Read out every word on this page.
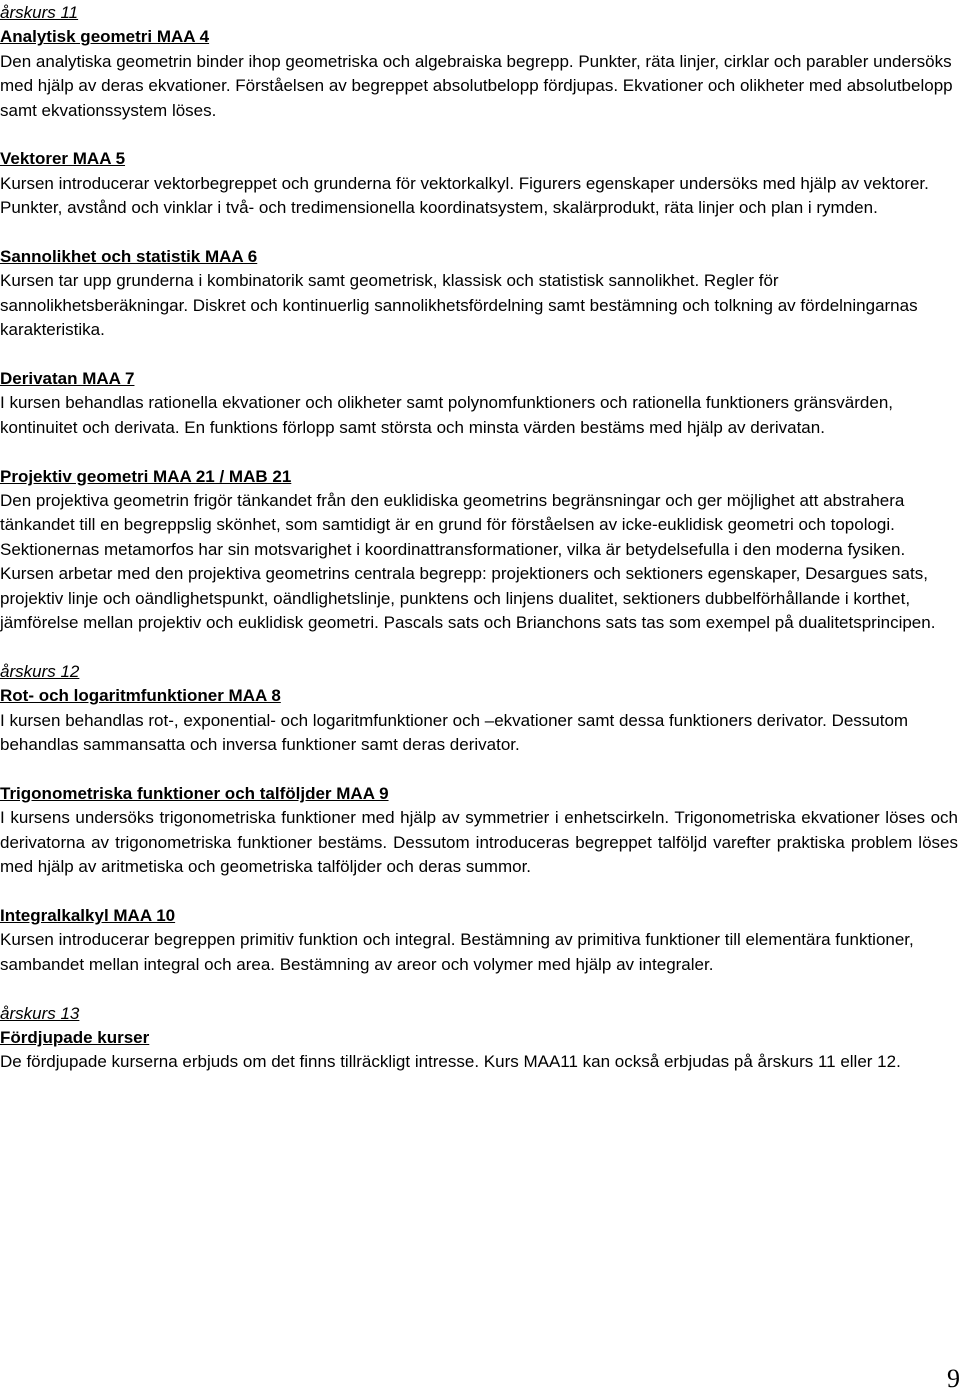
årskurs 11

Analytisk geometri MAA 4

Den analytiska geometrin binder ihop geometriska och algebraiska begrepp. Punkter, räta linjer, cirklar och parabler undersöks med hjälp av deras ekvationer. Förståelsen av begreppet absolutbelopp fördjupas. Ekvationer och olikheter med absolutbelopp samt ekvationssystem löses.

Vektorer MAA 5

Kursen introducerar vektorbegreppet och grunderna för vektorkalkyl. Figurers egenskaper undersöks med hjälp av vektorer. Punkter, avstånd och vinklar i två- och tredimensionella koordinatsystem, skalärprodukt, räta linjer och plan i rymden.

Sannolikhet och statistik MAA 6

Kursen tar upp grunderna i kombinatorik samt geometrisk, klassisk och statistisk sannolikhet. Regler för sannolikhetsberäkningar. Diskret och kontinuerlig sannolikhetsfördelning samt bestämning och tolkning av fördelningarnas karakteristika.

Derivatan MAA 7

I kursen behandlas rationella ekvationer och olikheter samt polynomfunktioners och rationella funktioners gränsvärden, kontinuitet och derivata. En funktions förlopp samt största och minsta värden bestäms med hjälp av derivatan.

Projektiv geometri MAA 21 / MAB 21

Den projektiva geometrin frigör tänkandet från den euklidiska geometrins begränsningar och ger möjlighet att abstrahera tänkandet till en begreppslig skönhet, som samtidigt är en grund för förståelsen av icke-euklidisk geometri och topologi. Sektionernas metamorfos har sin motsvarighet i koordinattransformationer, vilka är betydelsefulla i den moderna fysiken.

Kursen arbetar med den projektiva geometrins centrala begrepp: projektioners och sektioners egenskaper, Desargues sats, projektiv linje och oändlighetspunkt, oändlighetslinje, punktens och linjens dualitet, sektioners dubbelförhållande i korthet, jämförelse mellan projektiv och euklidisk geometri. Pascals sats och Brianchons sats tas som exempel på dualitetsprincipen.

årskurs 12

Rot- och logaritmfunktioner MAA 8

I kursen behandlas rot-, exponential- och logaritmfunktioner och –ekvationer samt dessa funktioners derivator. Dessutom behandlas sammansatta och inversa funktioner samt deras derivator.

Trigonometriska funktioner och talföljder MAA 9

I kursens undersöks trigonometriska funktioner med hjälp av symmetrier i enhetscirkeln. Trigonometriska ekvationer löses och derivatorna av trigonometriska funktioner bestäms. Dessutom introduceras begreppet talföljd varefter praktiska problem löses med hjälp av aritmetiska och geometriska talföljder och deras summor.

Integralkalkyl MAA 10

Kursen introducerar begreppen primitiv funktion och integral. Bestämning av primitiva funktioner till elementära funktioner, sambandet mellan integral och area. Bestämning av areor och volymer med hjälp av integraler.

årskurs 13

Fördjupade kurser

De fördjupade kurserna erbjuds om det finns tillräckligt intresse. Kurs MAA11 kan också erbjudas på årskurs 11 eller 12.

9
